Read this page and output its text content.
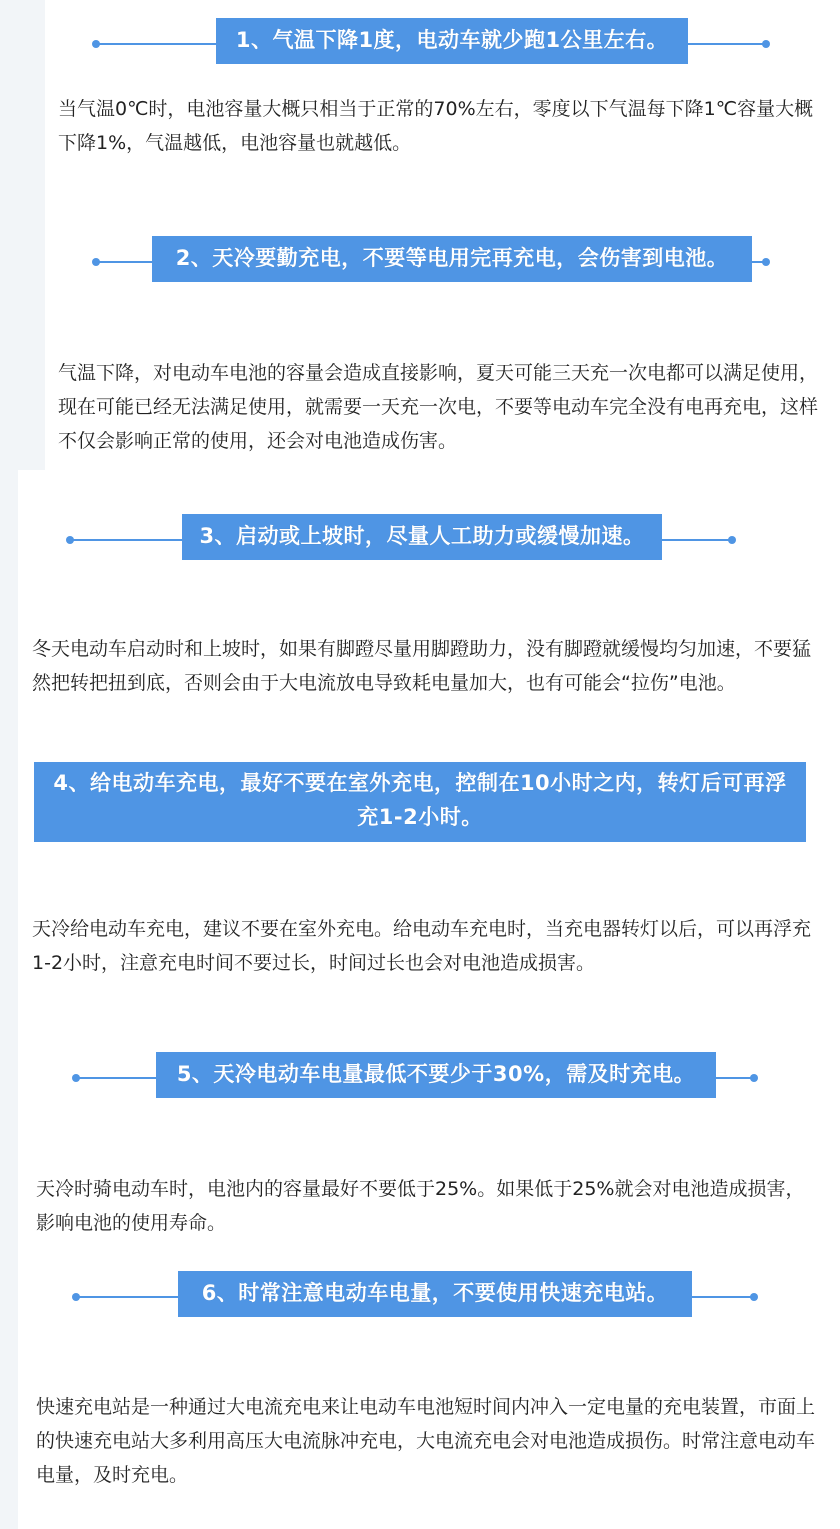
1、气温下降1度，电动车就少跑1公里左右。

当气温0℃时，电池容量大概只相当于正常的70%左右，零度以下气温每下降1℃容量大概下降1%，气温越低，电池容量也就越低。

2、天冷要勤充电，不要等电用完再充电，会伤害到电池。

气温下降，对电动车电池的容量会造成直接影响，夏天可能三天充一次电都可以满足使用，现在可能已经无法满足使用，就需要一天充一次电，不要等电动车完全没有电再充电，这样不仅会影响正常的使用，还会对电池造成伤害。

3、启动或上坡时，尽量人工助力或缓慢加速。

冬天电动车启动时和上坡时，如果有脚蹬尽量用脚蹬助力，没有脚蹬就缓慢均匀加速，不要猛然把转把扭到底，否则会由于大电流放电导致耗电量加大，也有可能会“拉伤”电池。

4、给电动车充电，最好不要在室外充电，控制在10小时之内，转灯后可再浮充1-2小时。

天冷给电动车充电，建议不要在室外充电。给电动车充电时，当充电器转灯以后，可以再浮充1-2小时，注意充电时间不要过长，时间过长也会对电池造成损害。

5、天冷电动车电量最低不要少于30%，需及时充电。

天冷时骑电动车时，电池内的容量最好不要低于25%。如果低于25%就会对电池造成损害，影响电池的使用寿命。

6、时常注意电动车电量，不要使用快速充电站。

快速充电站是一种通过大电流充电来让电动车电池短时间内冲入一定电量的充电装置，市面上的快速充电站大多利用高压大电流脉冲充电，大电流充电会对电池造成损伤。时常注意电动车电量，及时充电。
